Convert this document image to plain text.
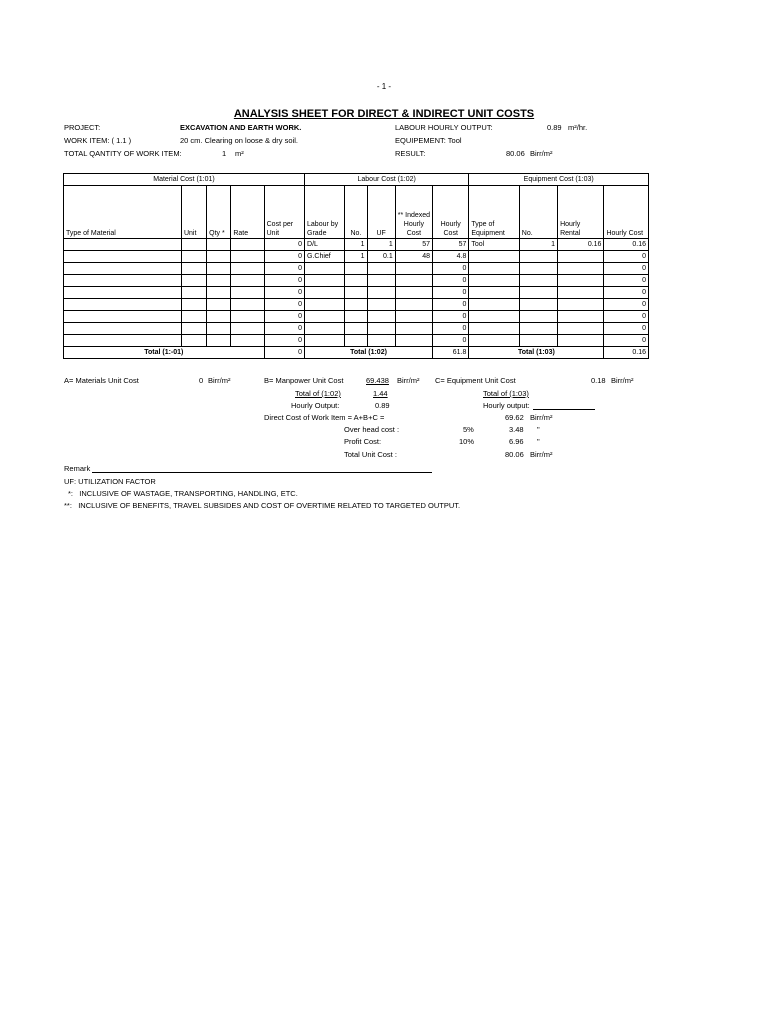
- 1 -
ANALYSIS SHEET FOR DIRECT & INDIRECT UNIT COSTS
PROJECT:	EXCAVATION AND EARTH WORK.
WORK ITEM: ( 1.1 )	20 cm. Clearing on loose & dry soil.
TOTAL QANTITY OF WORK ITEM:	1 m²
LABOUR HOURLY OUTPUT:	0.89 m²/hr.
EQUIPEMENT: Tool
RESULT:	80.06 Birr/m²
Material Cost (1:01)					Labour Cost (1:02)					Equipment Cost (1:03)			
Type of Material	Unit	Qty *	Rate	Cost per Unit	Labour by Grade	No.	UF	** Indexed Hourly Cost	Hourly Cost	Type of Equipment	No.	Hourly Rental	Hourly Cost
				0	D/L	1	1	57	57	Tool	1	0.16	0.16
				0	G.Chief	1	0.1	48	4.8				0
				0					0				0
				0					0				0
				0					0				0
				0					0				0
				0					0				0
				0					0				0
				0					0				0
Total (1:-01)				0	Total (1:02)				61.8	Total (1:03)			0.16
A= Materials Unit Cost	0 Birr/m²	B= Manpower Unit Cost	69.438 Birr/m² C= Equipment Unit Cost	0.18 Birr/m²
Total of (1:02)	1.44	Total of (1:03)
Hourly Output:	0.89	Hourly output:
Direct Cost of Work Item = A+B+C =	69.62 Birr/m²
Over head cost :	5%	3.48 "
Profit Cost:	10%	6.96 "
Total Unit Cost :	80.06 Birr/m²
Remark
UF: UTILIZATION FACTOR
*: INCLUSIVE OF WASTAGE, TRANSPORTING, HANDLING, ETC.
**: INCLUSIVE OF BENEFITS, TRAVEL SUBSIDES AND COST OF OVERTIME RELATED TO TARGETED OUTPUT.
